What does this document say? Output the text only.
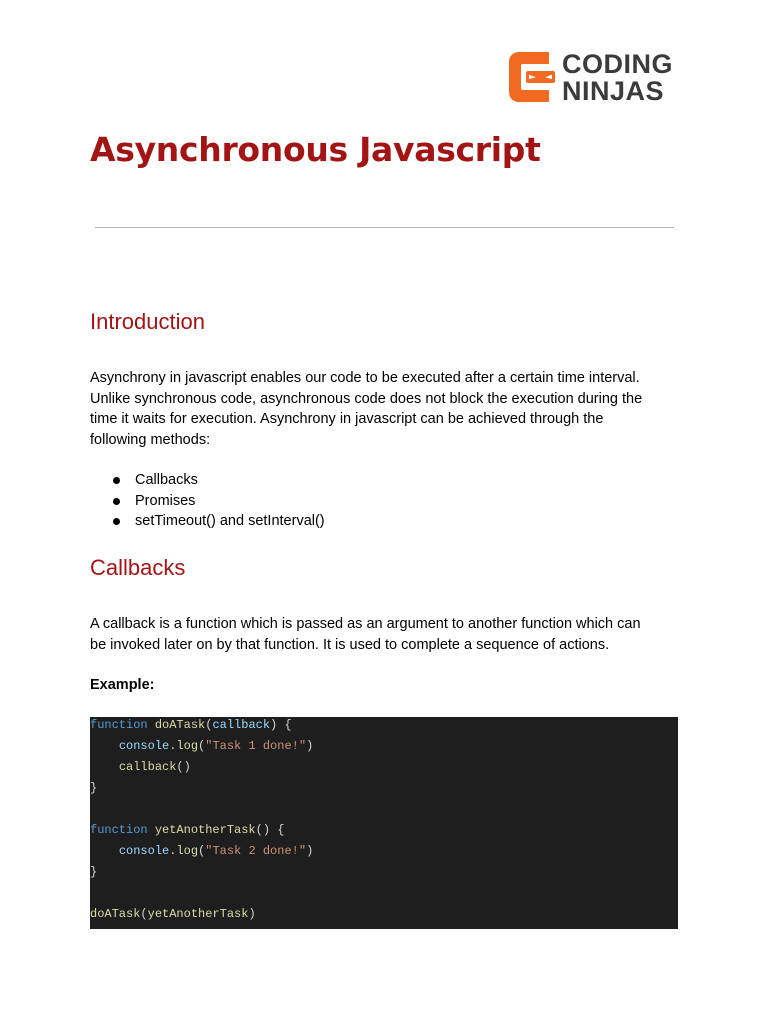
CODING
NINJAS
Asynchronous Javascript
Introduction
Asynchrony in javascript enables our code to be executed after a certain time interval.
Unlike synchronous code, asynchronous code does not block the execution during the
time it waits for execution. Asynchrony in javascript can be achieved through the
following methods:
Callbacks
Promises
setTimeout() and setInterval()
Callbacks
A callback is a function which is passed as an argument to another function which can
be invoked later on by that function. It is used to complete a sequence of actions.

Example:

function doATask(callback) {
console.log("Task 1 done!")
callback()
}
function yetAnotherTask() {
console.log("Task 2 done!")
}
doATask(yetAnotherTask)
